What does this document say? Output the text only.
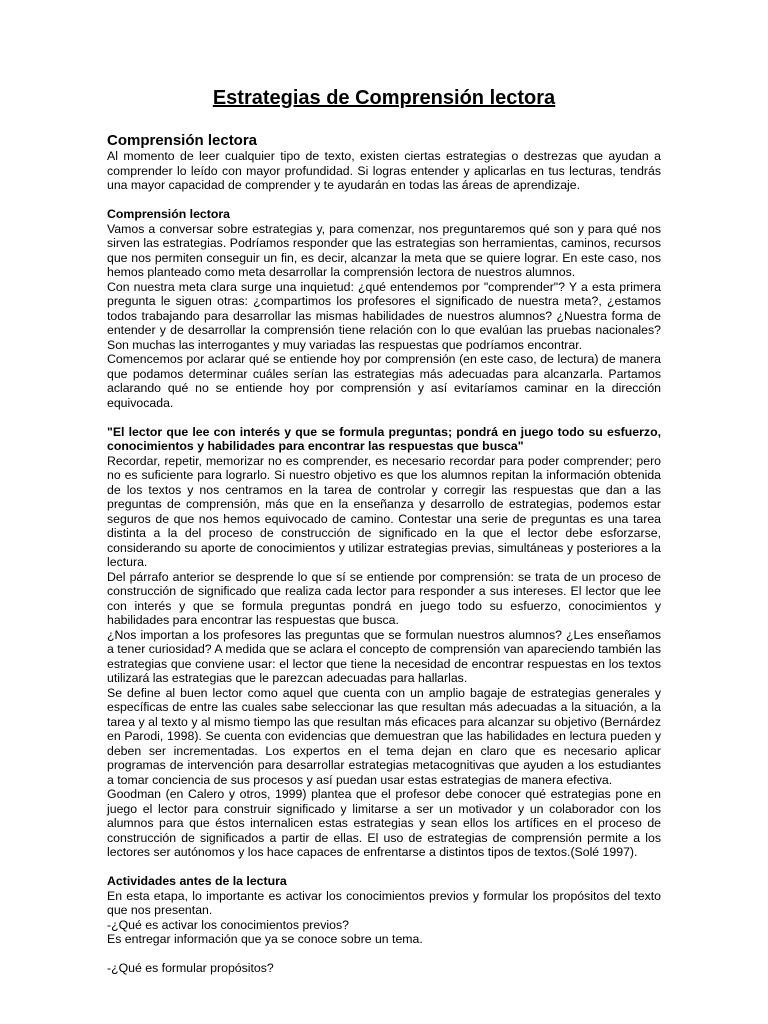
Estrategias de Comprensión lectora
Comprensión lectora

Al momento de leer cualquier tipo de texto, existen ciertas estrategias o destrezas que ayudan a comprender lo leído con mayor profundidad. Si logras entender y aplicarlas en tus lecturas, tendrás una mayor capacidad de comprender y te ayudarán en todas las áreas de aprendizaje.

Comprensión lectora

Vamos a conversar sobre estrategias y, para comenzar, nos preguntaremos qué son y para qué nos sirven las estrategias. Podríamos responder que las estrategias son herramientas, caminos, recursos que nos permiten conseguir un fin, es decir, alcanzar la meta que se quiere lograr. En este caso, nos hemos planteado como meta desarrollar la comprensión lectora de nuestros alumnos.

Con nuestra meta clara surge una inquietud: ¿qué entendemos por "comprender"? Y a esta primera pregunta le siguen otras: ¿compartimos los profesores el significado de nuestra meta?, ¿estamos todos trabajando para desarrollar las mismas habilidades de nuestros alumnos? ¿Nuestra forma de entender y de desarrollar la comprensión tiene relación con lo que evalúan las pruebas nacionales? Son muchas las interrogantes y muy variadas las respuestas que podríamos encontrar.

Comencemos por aclarar qué se entiende hoy por comprensión (en este caso, de lectura) de manera que podamos determinar cuáles serían las estrategias más adecuadas para alcanzarla. Partamos aclarando qué no se entiende hoy por comprensión y así evitaríamos caminar en la dirección equivocada.

"El lector que lee con interés y que se formula preguntas; pondrá en juego todo su esfuerzo, conocimientos y habilidades para encontrar las respuestas que busca"

Recordar, repetir, memorizar no es comprender, es necesario recordar para poder comprender; pero no es suficiente para lograrlo. Si nuestro objetivo es que los alumnos repitan la información obtenida de los textos y nos centramos en la tarea de controlar y corregir las respuestas que dan a las preguntas de comprensión, más que en la enseñanza y desarrollo de estrategias, podemos estar seguros de que nos hemos equivocado de camino. Contestar una serie de preguntas es una tarea distinta a la del proceso de construcción de significado en la que el lector debe esforzarse, considerando su aporte de conocimientos y utilizar estrategias previas, simultáneas y posteriores a la lectura.

Del párrafo anterior se desprende lo que sí se entiende por comprensión: se trata de un proceso de construcción de significado que realiza cada lector para responder a sus intereses. El lector que lee con interés y que se formula preguntas pondrá en juego todo su esfuerzo, conocimientos y habilidades para encontrar las respuestas que busca.

¿Nos importan a los profesores las preguntas que se formulan nuestros alumnos? ¿Les enseñamos a tener curiosidad? A medida que se aclara el concepto de comprensión van apareciendo también las estrategias que conviene usar: el lector que tiene la necesidad de encontrar respuestas en los textos utilizará las estrategias que le parezcan adecuadas para hallarlas.

Se define al buen lector como aquel que cuenta con un amplio bagaje de estrategias generales y específicas de entre las cuales sabe seleccionar las que resultan más adecuadas a la situación, a la tarea y al texto y al mismo tiempo las que resultan más eficaces para alcanzar su objetivo (Bernárdez en Parodi, 1998). Se cuenta con evidencias que demuestran que las habilidades en lectura pueden y deben ser incrementadas. Los expertos en el tema dejan en claro que es necesario aplicar programas de intervención para desarrollar estrategias metacognitivas que ayuden a los estudiantes a tomar conciencia de sus procesos y así puedan usar estas estrategias de manera efectiva.

Goodman (en Calero y otros, 1999) plantea que el profesor debe conocer qué estrategias pone en juego el lector para construir significado y limitarse a ser un motivador y un colaborador con los alumnos para que éstos internalicen estas estrategias y sean ellos los artífices en el proceso de construcción de significados a partir de ellas. El uso de estrategias de comprensión permite a los lectores ser autónomos y los hace capaces de enfrentarse a distintos tipos de textos.(Solé 1997).

Actividades antes de la lectura

En esta etapa, lo importante es activar los conocimientos previos y formular los propósitos del texto que nos presentan.

-¿Qué es activar los conocimientos previos?

Es entregar información que ya se conoce sobre un tema.

-¿Qué es formular propósitos?
